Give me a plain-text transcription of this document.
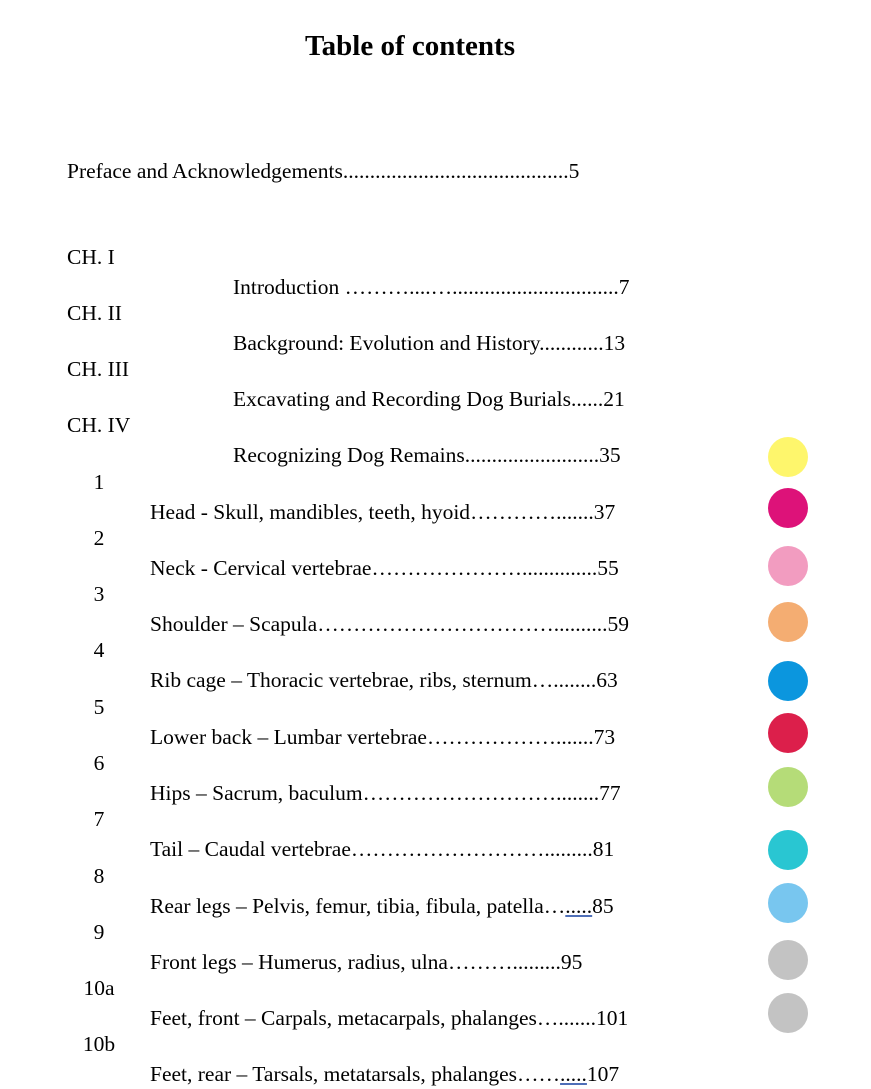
Table of contents
Preface and Acknowledgements..........................................5

CH. I

Introduction ………....…...............................7

CH. II

Background: Evolution and History............13

CH. III

Excavating and Recording Dog Burials......21

CH. IV

Recognizing Dog Remains.........................35

1

Head - Skull, mandibles, teeth, hyoid………….......37

2

Neck - Cervical vertebrae…………………..............55

3

Shoulder – Scapula……………………………..........59

4

Rib cage – Thoracic vertebrae, ribs, sternum…........63

5

Lower back – Lumbar vertebrae……………….......73

6

Hips – Sacrum, baculum………………………........77

7

Tail – Caudal vertebrae……………………….........81

8

Rear legs – Pelvis, femur, tibia, fibula, patella….....85

9

Front legs – Humerus, radius, ulna……….........95

10a

Feet, front – Carpals, metacarpals, phalanges….......101

10b

Feet, rear – Tarsals, metatarsals, phalanges…….....107
